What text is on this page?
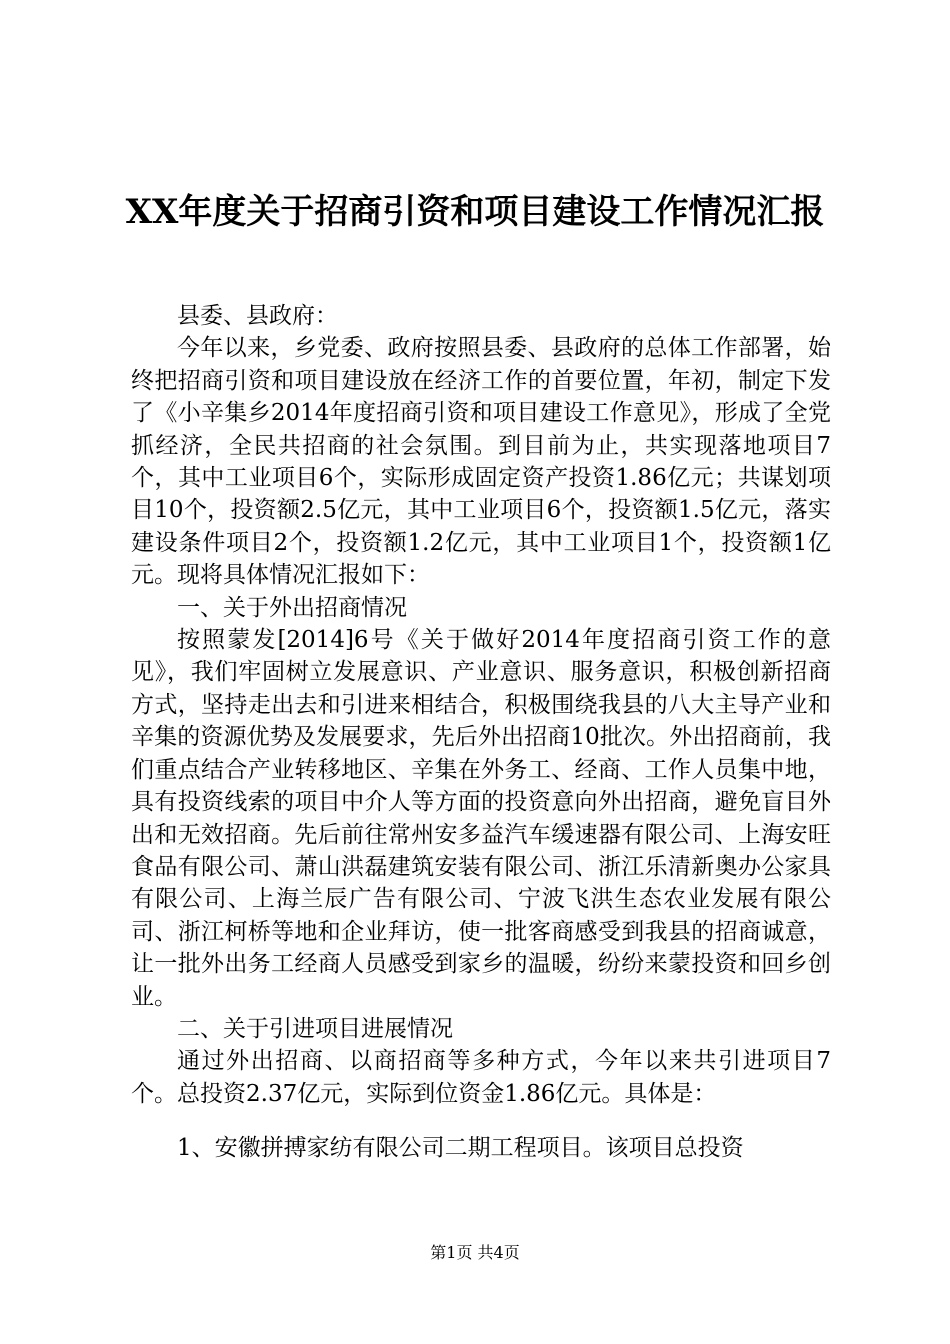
XX年度关于招商引资和项目建设工作情况汇报

县委、县政府：

今年以来，乡党委、政府按照县委、县政府的总体工作部署，始终把招商引资和项目建设放在经济工作的首要位置，年初，制定下发了《小辛集乡2014年度招商引资和项目建设工作意见》，形成了全党抓经济，全民共招商的社会氛围。到目前为止，共实现落地项目7个，其中工业项目6个，实际形成固定资产投资1.86亿元；共谋划项目10个，投资额2.5亿元，其中工业项目6个，投资额1.5亿元，落实建设条件项目2个，投资额1.2亿元，其中工业项目1个，投资额1亿元。现将具体情况汇报如下：

一、关于外出招商情况

按照蒙发[2014]6号《关于做好2014年度招商引资工作的意见》，我们牢固树立发展意识、产业意识、服务意识，积极创新招商方式，坚持走出去和引进来相结合，积极围绕我县的八大主导产业和辛集的资源优势及发展要求，先后外出招商10批次。外出招商前，我们重点结合产业转移地区、辛集在外务工、经商、工作人员集中地，具有投资线索的项目中介人等方面的投资意向外出招商，避免盲目外出和无效招商。先后前往常州安多益汽车缓速器有限公司、上海安旺食品有限公司、萧山洪磊建筑安装有限公司、浙江乐清新奥办公家具有限公司、上海兰辰广告有限公司、宁波飞洪生态农业发展有限公司、浙江柯桥等地和企业拜访，使一批客商感受到我县的招商诚意，让一批外出务工经商人员感受到家乡的温暖，纷纷来蒙投资和回乡创业。

二、关于引进项目进展情况

通过外出招商、以商招商等多种方式，今年以来共引进项目7个。总投资2.37亿元，实际到位资金1.86亿元。具体是：

1、安徽拼搏家纺有限公司二期工程项目。该项目总投资

第1页 共4页
